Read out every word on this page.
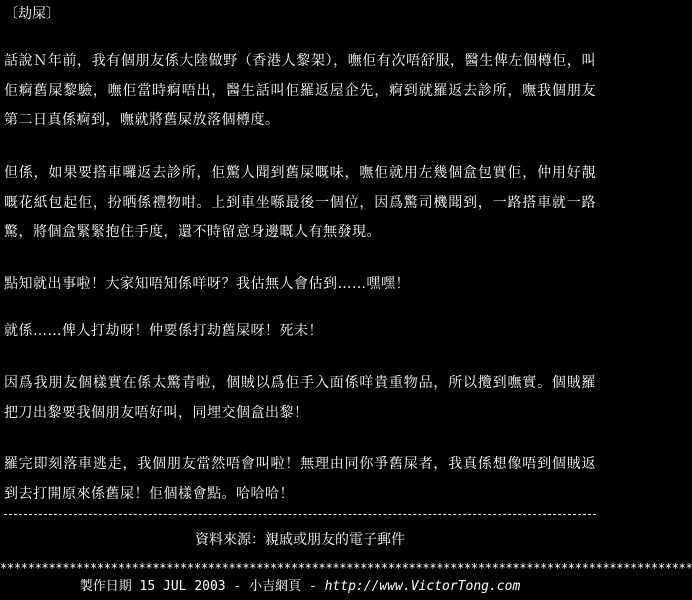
〔劫屎〕

話說Ｎ年前，我有個朋友係大陸做野（香港人黎架），嘸佢有次唔舒服，醫生俾左個樽佢，叫佢痾舊屎黎驗，嘸佢當時痾唔出，醫生話叫佢羅返屋企先，痾到就羅返去診所，嘸我個朋友第二日真係痾到，嘸就將舊屎放落個樽度。

但係，如果要搭車囉返去診所，佢驚人聞到舊屎嘅味，嘸佢就用左幾個盒包實佢，仲用好靚嘅花紙包起佢，扮晒係禮物咁。上到車坐喺最後一個位，因爲驚司機聞到，一路搭車就一路驚，將個盒緊緊抱住手度，還不時留意身邊嘅人有無發現。

點知就出事啦！大家知唔知係咩呀？我估無人會估到……嘿嘿！

就係……俾人打劫呀！仲要係打劫舊屎呀！死未！

因爲我朋友個樣實在係太驚青啦，個賊以爲佢手入面係咩貴重物品，所以攬到嘸實。個賊羅把刀出黎要我個朋友唔好叫，同埋交個盒出黎！

羅完即刻落車逃走，我個朋友當然唔會叫啦！無理由同你爭舊屎者，我真係想像唔到個賊返到去打開原來係舊屎！佢個樣會點。哈哈哈！

資料來源：親戚或朋友的電子郵件
****************************************************************************************************
製作日期 15 JUL 2003 - 小吉網頁 - http://www.VictorTong.com
